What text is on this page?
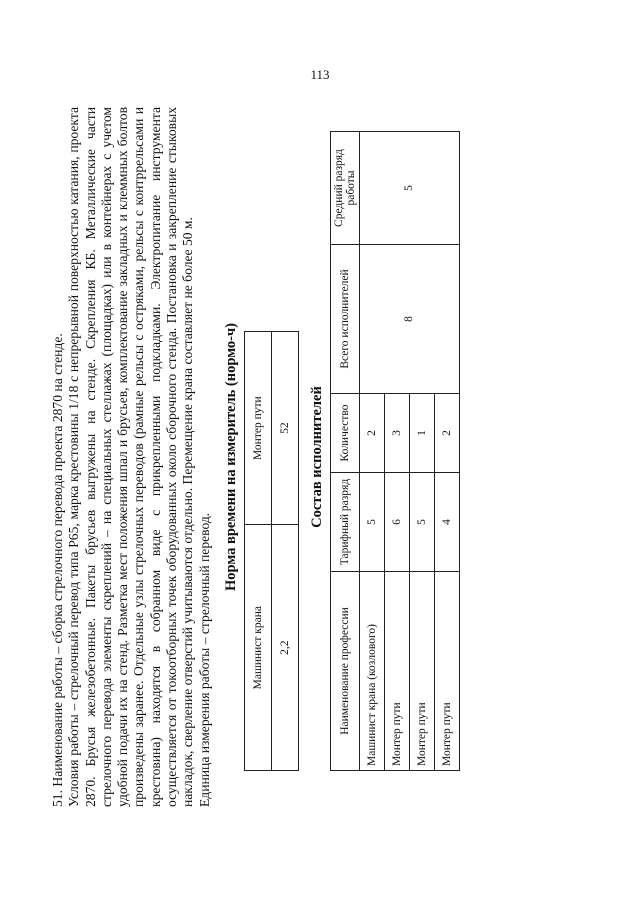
113

51. Наименование работы – сборка стрелочного перевода проекта 2870 на стенде. Условия работы – стрелочный перевод типа Р65, марка крестовины 1/18 с непрерывной поверхностью катания, проекта 2870. Брусья железобетонные. Пакеты брусьев выгружены на стенде. Скрепления КБ. Металлические части стрелочного перевода элементы скреплений – на специальных стеллажах (площадках) или в контейнерах с учетом удобной подачи их на стенд. Разметка мест положения шпал и брусьев, комплектование закладных и клеммных болтов произведены заранее. Отдельные узлы стрелочных переводов (рамные рельсы с остряками, рельсы с контррельсами и крестовина) находятся в собранном виде с прикрепленными подкладками. Электропитание инструмента осуществляется от токоотборных точек оборудованных около сборочного стенда. Постановка и закрепление стыковых накладок, сверление отверстий учитываются отдельно. Перемещение крана составляет не более 50 м. Единица измерения работы – стрелочный перевод.

Норма времени на измеритель (нормо-ч)
Машинист крана	Монтер пути
2,2	52 Состав исполнителей
Наименование профессии	Тарифный разряд	Количество	Всего исполнителей	Средний разряд работы
Машинист крана (козлового)	5	2	8	5
Монтер пути	6	3		
Монтер пути	5	1		
Монтер пути	4	2		
